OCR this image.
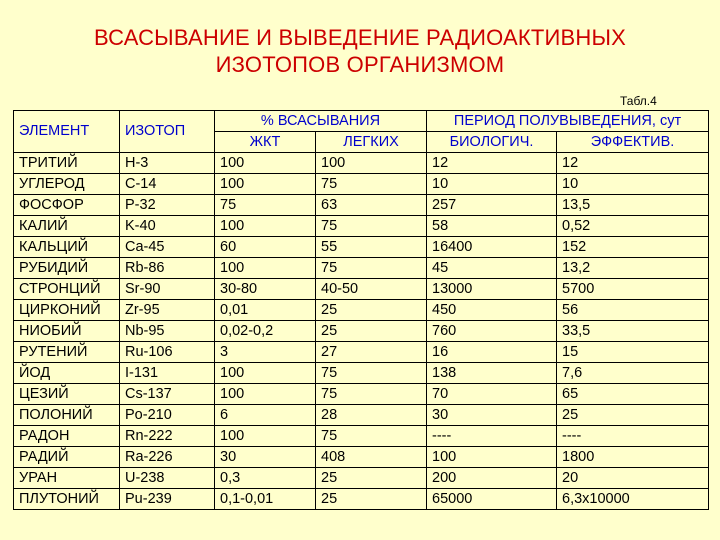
ВСАСЫВАНИЕ И ВЫВЕДЕНИЕ РАДИОАКТИВНЫХ
ИЗОТОПОВ ОРГАНИЗМОМ
Табл.4
ЭЛЕМЕНТ	ИЗОТОП	% ВСАСЫВАНИЯ		ПЕРИОД ПОЛУВЫВЕДЕНИЯ, сут	
		ЖКТ	ЛЕГКИХ	БИОЛОГИЧ.	ЭФФЕКТИВ.
ТРИТИЙ	H-3	100	100	12	12
УГЛЕРОД	C-14	100	75	10	10
ФОСФОР	P-32	75	63	257	13,5
КАЛИЙ	K-40	100	75	58	0,52
КАЛЬЦИЙ	Ca-45	60	55	16400	152
РУБИДИЙ	Rb-86	100	75	45	13,2
СТРОНЦИЙ	Sr-90	30-80	40-50	13000	5700
ЦИРКОНИЙ	Zr-95	0,01	25	450	56
НИОБИЙ	Nb-95	0,02-0,2	25	760	33,5
РУТЕНИЙ	Ru-106	3	27	16	15
ЙОД	I-131	100	75	138	7,6
ЦЕЗИЙ	Cs-137	100	75	70	65
ПОЛОНИЙ	Po-210	6	28	30	25
РАДОН	Rn-222	100	75	----	----
РАДИЙ	Ra-226	30	408	100	1800
УРАН	U-238	0,3	25	200	20
ПЛУТОНИЙ	Pu-239	0,1-0,01	25	65000	6,3x10000
